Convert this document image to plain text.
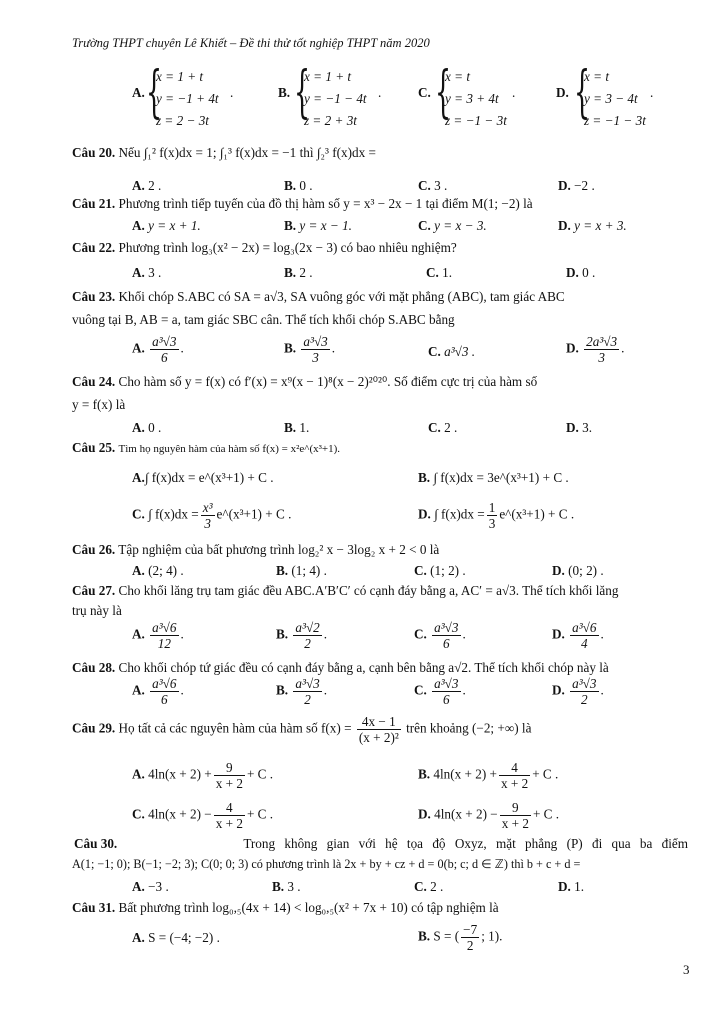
Trường THPT chuyên Lê Khiết – Đề thi thử tốt nghiệp THPT năm 2020
A. {
x = 1 + t
y = −1 + 4t
z = 2 − 3t
.	B. {
x = 1 + t
y = −1 − 4t
z = 2 + 3t
.	C. {
x = t
y = 3 + 4t
z = −1 − 3t
.	D. {
x = t
y = 3 − 4t
z = −1 − 3t
.
Câu 20. Nếu ∫₁² f(x)dx = 1; ∫₁³ f(x)dx = −1 thì ∫₂³ f(x)dx =
A. 2 .	B. 0 .	C. 3 .	D. −2 .
Câu 21. Phương trình tiếp tuyến của đồ thị hàm số y = x³ − 2x − 1 tại điểm M(1; −2) là
A. y = x + 1.	B. y = x − 1.	C. y = x − 3.	D. y = x + 3.
Câu 22. Phương trình log₃(x² − 2x) = log₃(2x − 3) có bao nhiêu nghiệm?
A. 3 .	B. 2 .	C. 1.	D. 0 .
Câu 23. Khối chóp S.ABC có SA = a√3, SA vuông góc với mặt phẳng (ABC), tam giác ABC
vuông tại B, AB = a, tam giác SBC cân. Thể tích khối chóp S.ABC bằng
A. $\frac{\text{a³√3}}{6}$ .	B. $\frac{\text{a³√3}}{3}$ .	C. a³√3 .	D. $\frac{\text{2a³√3}}{3}$ .
Câu 24. Cho hàm số y = f(x) có f′(x) = x⁹(x − 1)⁸(x − 2)²⁰²⁰. Số điểm cực trị của hàm số
y = f(x) là
A. 0 .	B. 1.	C. 2 .	D. 3.
Câu 25. Tìm họ nguyên hàm của hàm số f(x) = x²e^(x³+1).
A.∫ f(x)dx = e^(x³+1) + C .	B. ∫ f(x)dx = 3e^(x³+1) + C .
C. ∫ $f(x)dx = \frac{\text{x³}}{3}$ e^(x³+1) + C .	D. ∫ $f(x)dx = \frac{1}{3}$ e^(x³+1) + C .
Câu 26. Tập nghiệm của bất phương trình log₂² x − 3log₂ x + 2 < 0 là
A. (2; 4) .	B. (1; 4) .	C. (1; 2) .	D. (0; 2) .
Câu 27. Cho khối lăng trụ tam giác đều ABC.A′B′C′ có cạnh đáy bằng a, AC′ = a√3. Thể tích khối lăng
trụ này là
A. $\frac{\text{a³√6}}{12}$ .	B. $\frac{\text{a³√2}}{2}$ .	C. $\frac{\text{a³√3}}{6}$ .	D. $\frac{\text{a³√6}}{4}$ .
Câu 28. Cho khối chóp tứ giác đều có cạnh đáy bằng a, cạnh bên bằng a√2. Thể tích khối chóp này là
A. $\frac{\text{a³√6}}{6}$ .	B. $\frac{\text{a³√3}}{2}$ .	C. $\frac{\text{a³√3}}{6}$ .	D. $\frac{\text{a³√3}}{2}$ .
Câu 29. Họ tất cả các nguyên hàm của hàm số $f(x) = \frac{4x - 1}{\text{(x + 2)²}}$ trên khoảng (−2; +∞) là
A. $4\ln(x + 2) + \frac{9}{x + 2} + C$ .	B. $4\ln(x + 2) + \frac{4}{x + 2} + C$ .
C. $4\ln(x + 2) - \frac{4}{x + 2} + C$ .	D. $4\ln(x + 2) - \frac{9}{x + 2} + C$ .
Câu 30.	Trong không gian với hệ tọa độ Oxyz, mặt phẳng (P) đi qua ba điểm
A(1; −1; 0); B(−1; −2; 3); C(0; 0; 3) có phương trình là 2x + by + cz + d = 0(b; c; d ∈ ℤ) thì b + c + d =
A. −3 .	B. 3 .	C. 2 .	D. 1.
Câu 31. Bất phương trình log₀,₅(4x + 14) < log₀,₅(x² + 7x + 10) có tập nghiệm là
A. S = (−4; −2) .	B. S = ( $\frac{-7}{2}$ ; 1).
3
